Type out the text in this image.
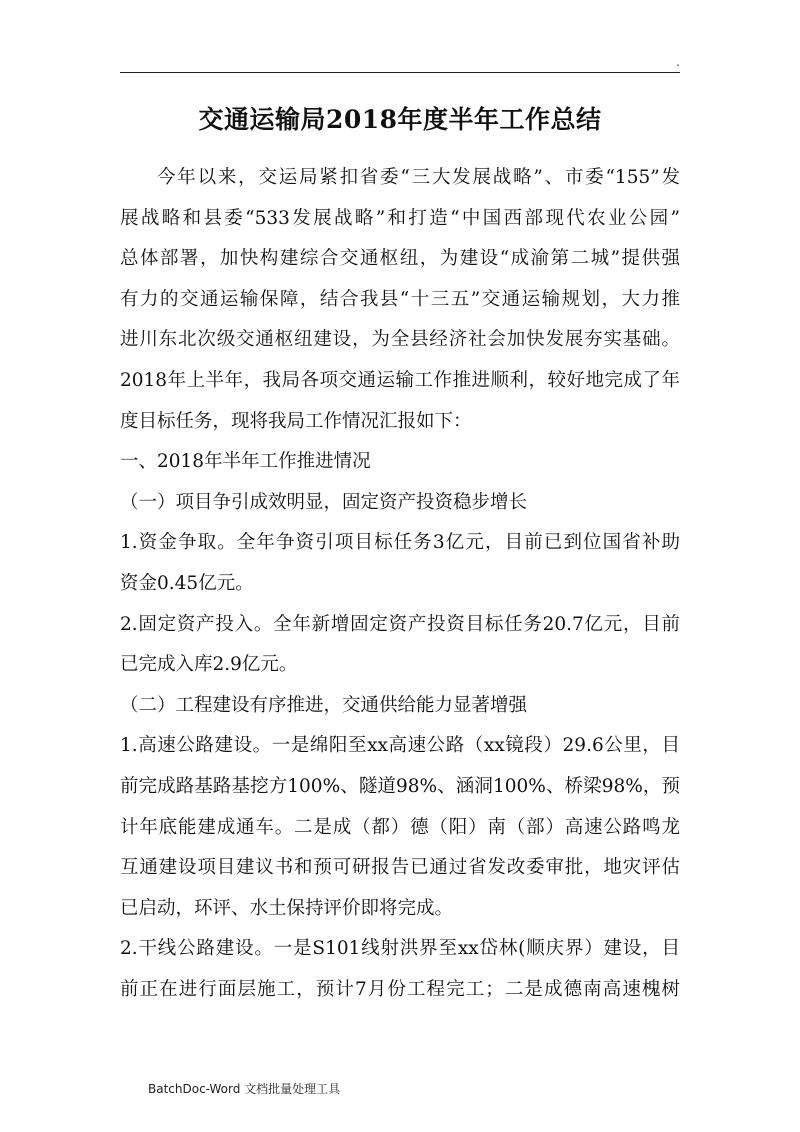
.
交通运输局2018年度半年工作总结
今年以来，交运局紧扣省委“三大发展战略”、市委“155”发
展战略和县委“533发展战略”和打造“中国西部现代农业公园”
总体部署，加快构建综合交通枢纽，为建设“成渝第二城”提供强
有力的交通运输保障，结合我县“十三五”交通运输规划，大力推
进川东北次级交通枢纽建设，为全县经济社会加快发展夯实基础。
2018年上半年，我局各项交通运输工作推进顺利，较好地完成了年
度目标任务，现将我局工作情况汇报如下：
一、2018年半年工作推进情况
（一）项目争引成效明显，固定资产投资稳步增长
1.资金争取。全年争资引项目标任务3亿元，目前已到位国省补助
资金0.45亿元。
2.固定资产投入。全年新增固定资产投资目标任务20.7亿元，目前
已完成入库2.9亿元。
（二）工程建设有序推进，交通供给能力显著增强
1.高速公路建设。一是绵阳至xx高速公路（xx镜段）29.6公里，目
前完成路基路基挖方100%、隧道98%、涵洞100%、桥梁98%，预
计年底能建成通车。二是成（都）德（阳）南（部）高速公路鸣龙
互通建设项目建议书和预可研报告已通过省发改委审批，地灾评估
已启动，环评、水土保持评价即将完成。
2.干线公路建设。一是S101线射洪界至xx岱林(顺庆界）建设，目
前正在进行面层施工，预计7月份工程完工；二是成德南高速槐树
BatchDoc-Word 文档批量处理工具
